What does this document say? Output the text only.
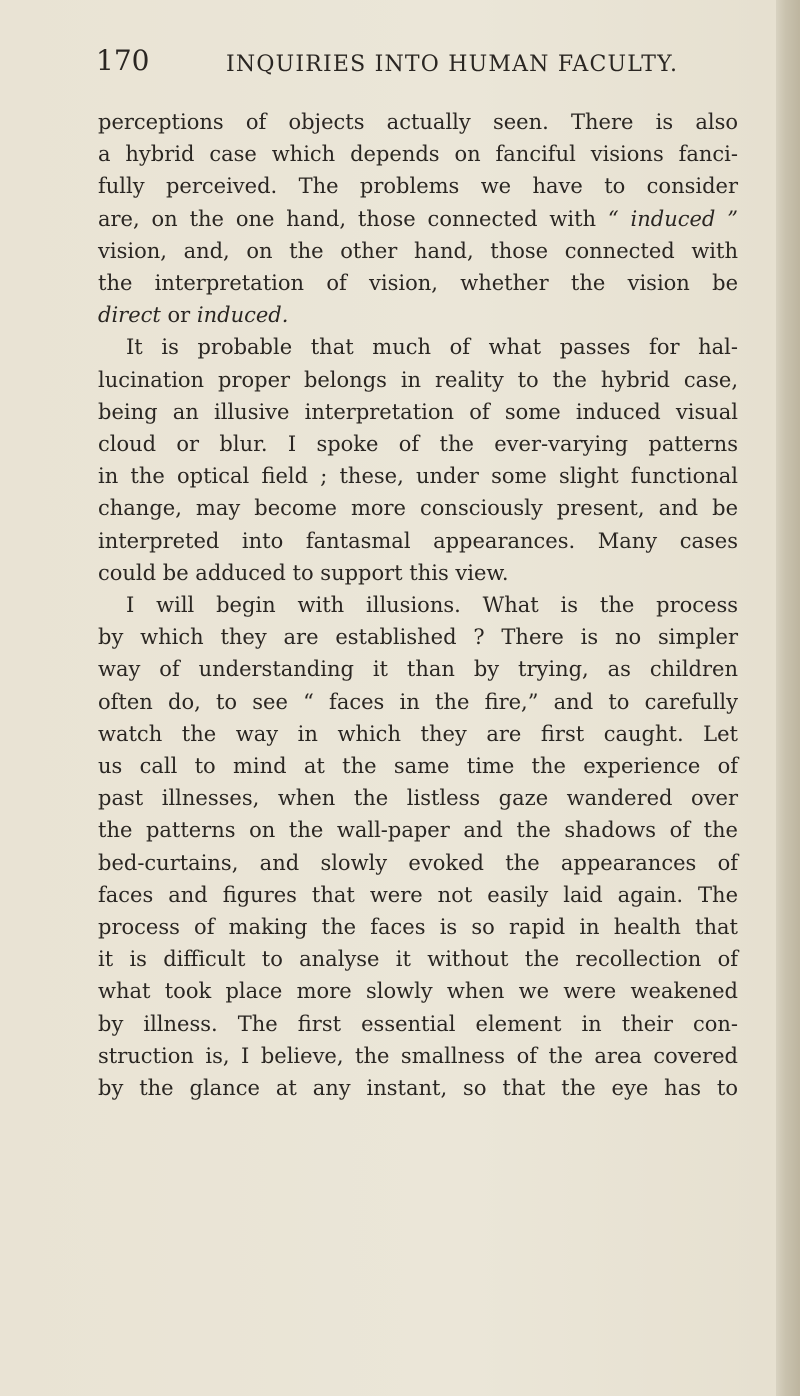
170	INQUIRIES INTO HUMAN FACULTY.
perceptions of objects actually seen. There is also
a hybrid case which depends on fanciful visions fanci-
fully perceived. The problems we have to consider
are, on the one hand, those connected with “ induced ”
vision, and, on the other hand, those connected with
the interpretation of vision, whether the vision be
direct or induced.
It is probable that much of what passes for hal-
lucination proper belongs in reality to the hybrid case,
being an illusive interpretation of some induced visual
cloud or blur. I spoke of the ever-varying patterns
in the optical field ; these, under some slight functional
change, may become more consciously present, and be
interpreted into fantasmal appearances. Many cases
could be adduced to support this view.
I will begin with illusions. What is the process
by which they are established ? There is no simpler
way of understanding it than by trying, as children
often do, to see “ faces in the fire,” and to carefully
watch the way in which they are first caught. Let
us call to mind at the same time the experience of
past illnesses, when the listless gaze wandered over
the patterns on the wall-paper and the shadows of the
bed-curtains, and slowly evoked the appearances of
faces and figures that were not easily laid again. The
process of making the faces is so rapid in health that
it is difficult to analyse it without the recollection of
what took place more slowly when we were weakened
by illness. The first essential element in their con-
struction is, I believe, the smallness of the area covered
by the glance at any instant, so that the eye has to
